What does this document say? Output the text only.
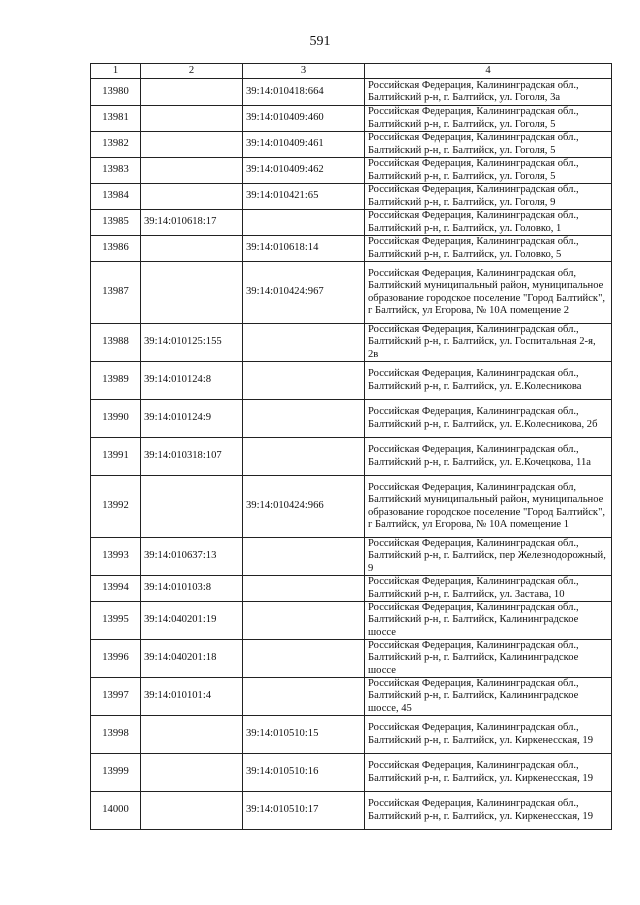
591
1	2	3	4
13980		39:14:010418:664	Российская Федерация, Калининградская обл., Балтийский р-н, г. Балтийск, ул. Гоголя, 3а
13981		39:14:010409:460	Российская Федерация, Калининградская обл., Балтийский р-н, г. Балтийск, ул. Гоголя, 5
13982		39:14:010409:461	Российская Федерация, Калининградская обл., Балтийский р-н, г. Балтийск, ул. Гоголя, 5
13983		39:14:010409:462	Российская Федерация, Калининградская обл., Балтийский р-н, г. Балтийск, ул. Гоголя, 5
13984		39:14:010421:65	Российская Федерация, Калининградская обл., Балтийский р-н, г. Балтийск, ул. Гоголя, 9
13985	39:14:010618:17		Российская Федерация, Калининградская обл., Балтийский р-н, г. Балтийск, ул. Головко, 1
13986		39:14:010618:14	Российская Федерация, Калининградская обл., Балтийский р-н, г. Балтийск, ул. Головко, 5
13987		39:14:010424:967	Российская Федерация, Калининградская обл, Балтийский муниципальный район, муниципальное образование городское поселение "Город Балтийск", г Балтийск, ул Егорова, № 10А помещение 2
13988	39:14:010125:155		Российская Федерация, Калининградская обл., Балтийский р-н, г. Балтийск, ул. Госпитальная 2-я, 2в
13989	39:14:010124:8		Российская Федерация, Калининградская обл., Балтийский р-н, г. Балтийск, ул. Е.Колесникова
13990	39:14:010124:9		Российская Федерация, Калининградская обл., Балтийский р-н, г. Балтийск, ул. Е.Колесникова, 2б
13991	39:14:010318:107		Российская Федерация, Калининградская обл., Балтийский р-н, г. Балтийск, ул. Е.Кочецкова, 11а
13992		39:14:010424:966	Российская Федерация, Калининградская обл, Балтийский муниципальный район, муниципальное образование городское поселение "Город Балтийск", г Балтийск, ул Егорова, № 10А помещение 1
13993	39:14:010637:13		Российская Федерация, Калининградская обл., Балтийский р-н, г. Балтийск, пер Железнодорожный, 9
13994	39:14:010103:8		Российская Федерация, Калининградская обл., Балтийский р-н, г. Балтийск, ул. Застава, 10
13995	39:14:040201:19		Российская Федерация, Калининградская обл., Балтийский р-н, г. Балтийск, Калининградское шоссе
13996	39:14:040201:18		Российская Федерация, Калининградская обл., Балтийский р-н, г. Балтийск, Калининградское шоссе
13997	39:14:010101:4		Российская Федерация, Калининградская обл., Балтийский р-н, г. Балтийск, Калининградское шоссе, 45
13998		39:14:010510:15	Российская Федерация, Калининградская обл., Балтийский р-н, г. Балтийск, ул. Киркенесская, 19
13999		39:14:010510:16	Российская Федерация, Калининградская обл., Балтийский р-н, г. Балтийск, ул. Киркенесская, 19
14000		39:14:010510:17	Российская Федерация, Калининградская обл., Балтийский р-н, г. Балтийск, ул. Киркенесская, 19
